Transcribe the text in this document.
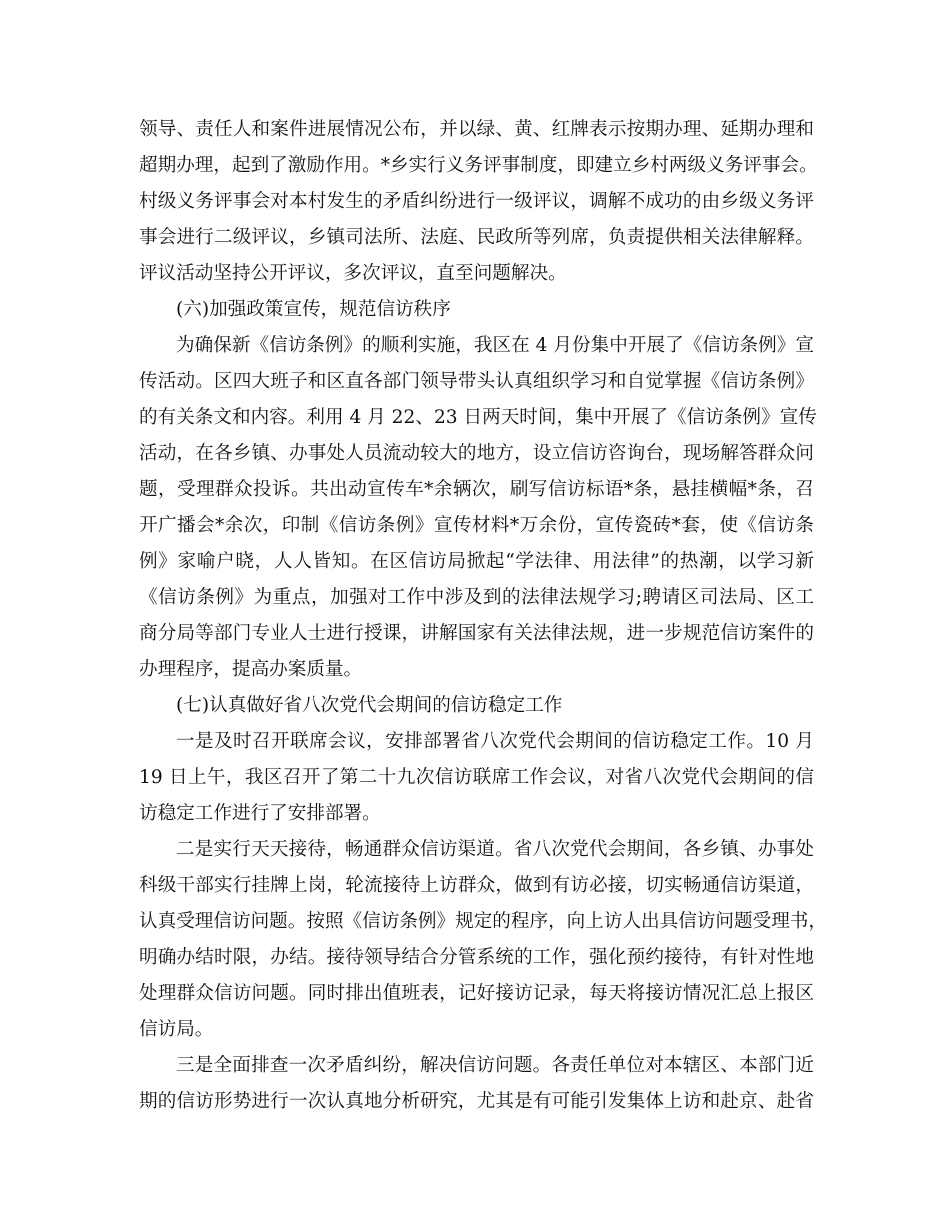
领导、责任人和案件进展情况公布，并以绿、黄、红牌表示按期办理、延期办理和
超期办理，起到了激励作用。*乡实行义务评事制度，即建立乡村两级义务评事会。
村级义务评事会对本村发生的矛盾纠纷进行一级评议，调解不成功的由乡级义务评
事会进行二级评议，乡镇司法所、法庭、民政所等列席，负责提供相关法律解释。
评议活动坚持公开评议，多次评议，直至问题解决。
(六)加强政策宣传，规范信访秩序
为确保新《信访条例》的顺利实施，我区在 4 月份集中开展了《信访条例》宣
传活动。区四大班子和区直各部门领导带头认真组织学习和自觉掌握《信访条例》
的有关条文和内容。利用 4 月 22、23 日两天时间，集中开展了《信访条例》宣传
活动，在各乡镇、办事处人员流动较大的地方，设立信访咨询台，现场解答群众问
题，受理群众投诉。共出动宣传车*余辆次，刷写信访标语*条，悬挂横幅*条，召
开广播会*余次，印制《信访条例》宣传材料*万余份，宣传瓷砖*套，使《信访条
例》家喻户晓，人人皆知。在区信访局掀起“学法律、用法律”的热潮，以学习新
《信访条例》为重点，加强对工作中涉及到的法律法规学习;聘请区司法局、区工
商分局等部门专业人士进行授课，讲解国家有关法律法规，进一步规范信访案件的
办理程序，提高办案质量。
(七)认真做好省八次党代会期间的信访稳定工作
一是及时召开联席会议，安排部署省八次党代会期间的信访稳定工作。10 月
19 日上午，我区召开了第二十九次信访联席工作会议，对省八次党代会期间的信
访稳定工作进行了安排部署。
二是实行天天接待，畅通群众信访渠道。省八次党代会期间，各乡镇、办事处
科级干部实行挂牌上岗，轮流接待上访群众，做到有访必接，切实畅通信访渠道，
认真受理信访问题。按照《信访条例》规定的程序，向上访人出具信访问题受理书，
明确办结时限，办结。接待领导结合分管系统的工作，强化预约接待，有针对性地
处理群众信访问题。同时排出值班表，记好接访记录，每天将接访情况汇总上报区
信访局。
三是全面排查一次矛盾纠纷，解决信访问题。各责任单位对本辖区、本部门近
期的信访形势进行一次认真地分析研究，尤其是有可能引发集体上访和赴京、赴省
